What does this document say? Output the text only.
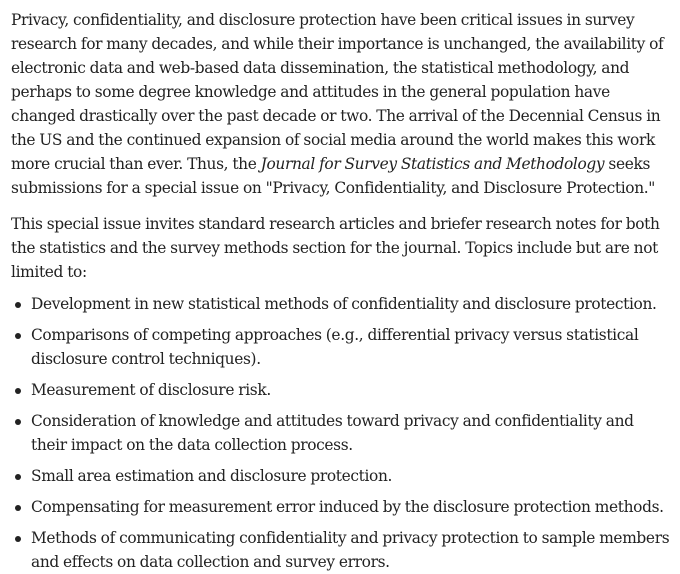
Privacy, confidentiality, and disclosure protection have been critical issues in survey research for many decades, and while their importance is unchanged, the availability of electronic data and web-based data dissemination, the statistical methodology, and perhaps to some degree knowledge and attitudes in the general population have changed drastically over the past decade or two. The arrival of the Decennial Census in the US and the continued expansion of social media around the world makes this work more crucial than ever. Thus, the Journal for Survey Statistics and Methodology seeks submissions for a special issue on "Privacy, Confidentiality, and Disclosure Protection."

This special issue invites standard research articles and briefer research notes for both the statistics and the survey methods section for the journal. Topics include but are not limited to:

Development in new statistical methods of confidentiality and disclosure protection.
Comparisons of competing approaches (e.g., differential privacy versus statistical disclosure control techniques).
Measurement of disclosure risk.
Consideration of knowledge and attitudes toward privacy and confidentiality and their impact on the data collection process.
Small area estimation and disclosure protection.
Compensating for measurement error induced by the disclosure protection methods.
Methods of communicating confidentiality and privacy protection to sample members and effects on data collection and survey errors.
